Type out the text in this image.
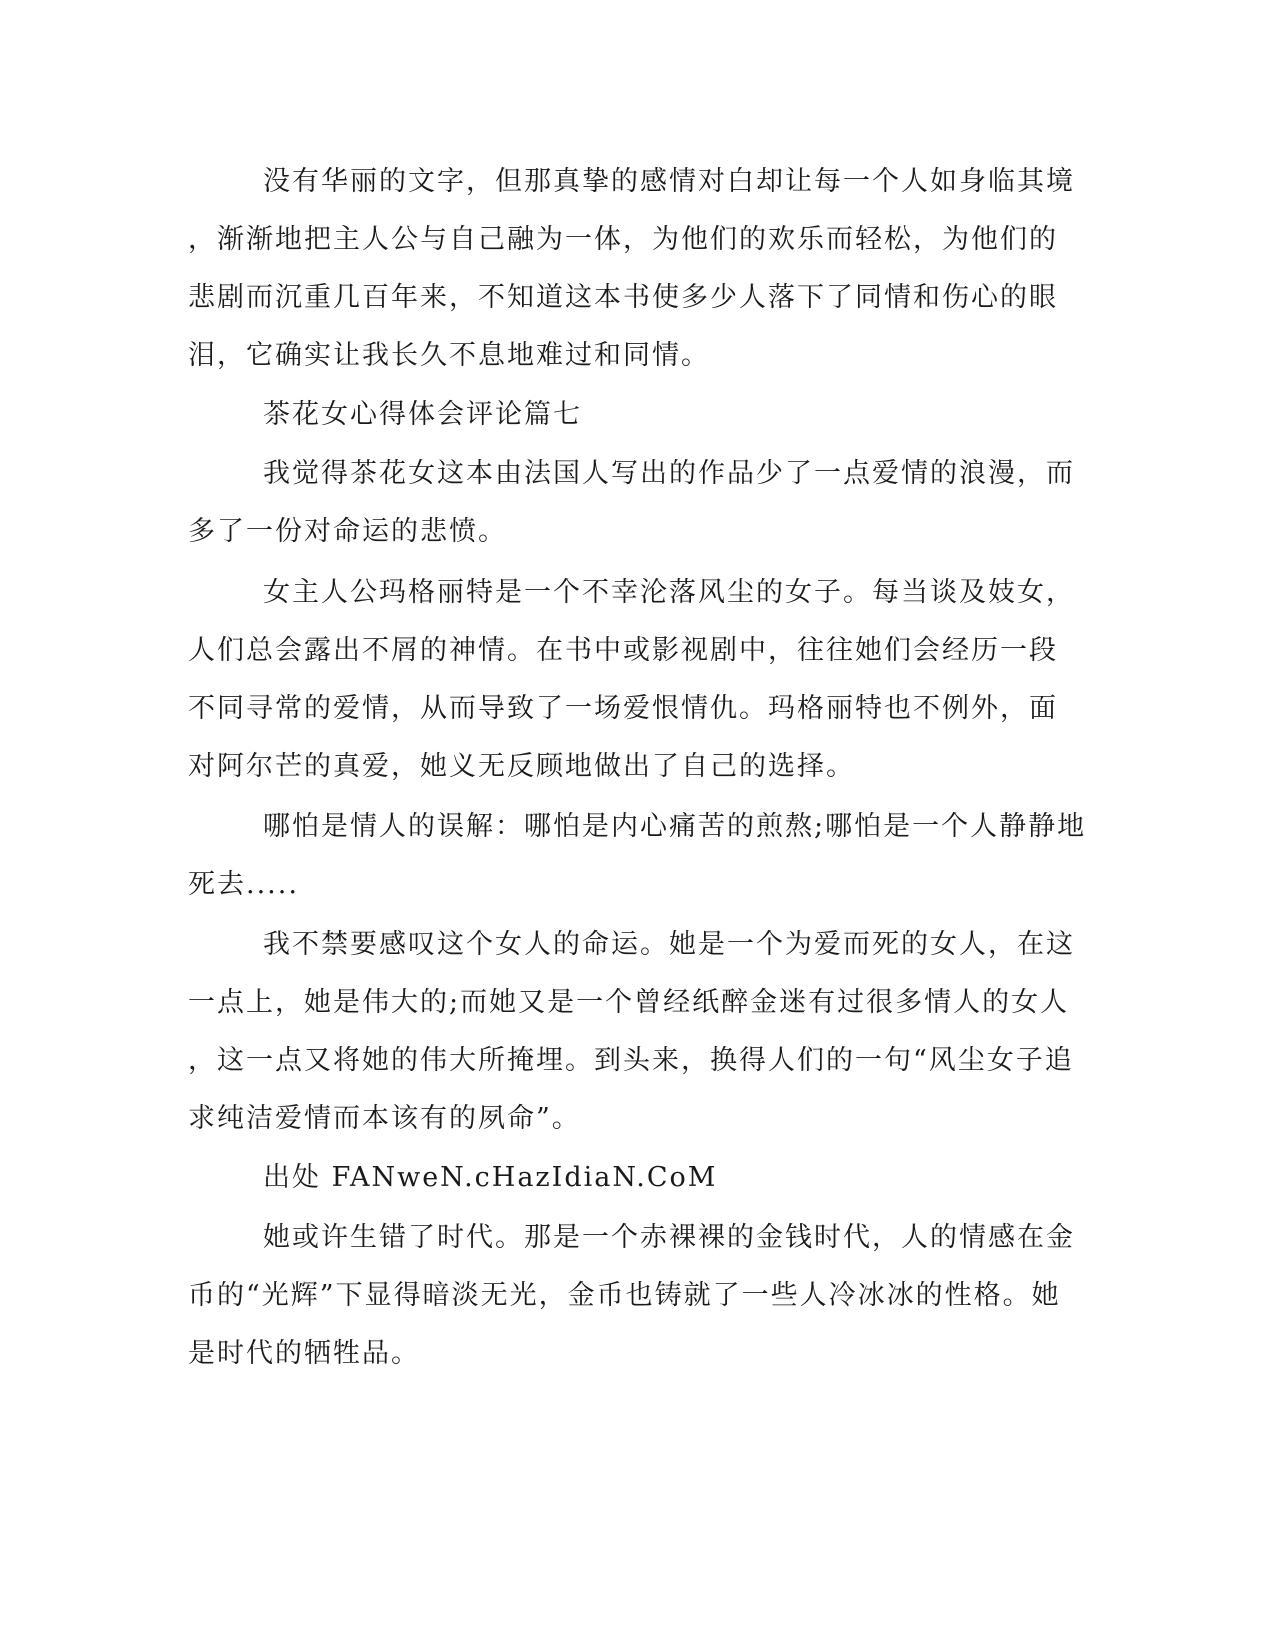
没有华丽的文字，但那真挚的感情对白却让每一个人如身临其境

，渐渐地把主人公与自己融为一体，为他们的欢乐而轻松，为他们的

悲剧而沉重几百年来，不知道这本书使多少人落下了同情和伤心的眼

泪，它确实让我长久不息地难过和同情。

茶花女心得体会评论篇七

我觉得茶花女这本由法国人写出的作品少了一点爱情的浪漫，而

多了一份对命运的悲愤。

女主人公玛格丽特是一个不幸沦落风尘的女子。每当谈及妓女，

人们总会露出不屑的神情。在书中或影视剧中，往往她们会经历一段

不同寻常的爱情，从而导致了一场爱恨情仇。玛格丽特也不例外，面

对阿尔芒的真爱，她义无反顾地做出了自己的选择。

哪怕是情人的误解：哪怕是内心痛苦的煎熬;哪怕是一个人静静地

死去.....

我不禁要感叹这个女人的命运。她是一个为爱而死的女人，在这

一点上，她是伟大的;而她又是一个曾经纸醉金迷有过很多情人的女人

，这一点又将她的伟大所掩埋。到头来，换得人们的一句“风尘女子追

求纯洁爱情而本该有的夙命”。

出处 FANweN.cHazIdiaN.CoM

她或许生错了时代。那是一个赤裸裸的金钱时代，人的情感在金

币的“光辉”下显得暗淡无光，金币也铸就了一些人冷冰冰的性格。她

是时代的牺牲品。
